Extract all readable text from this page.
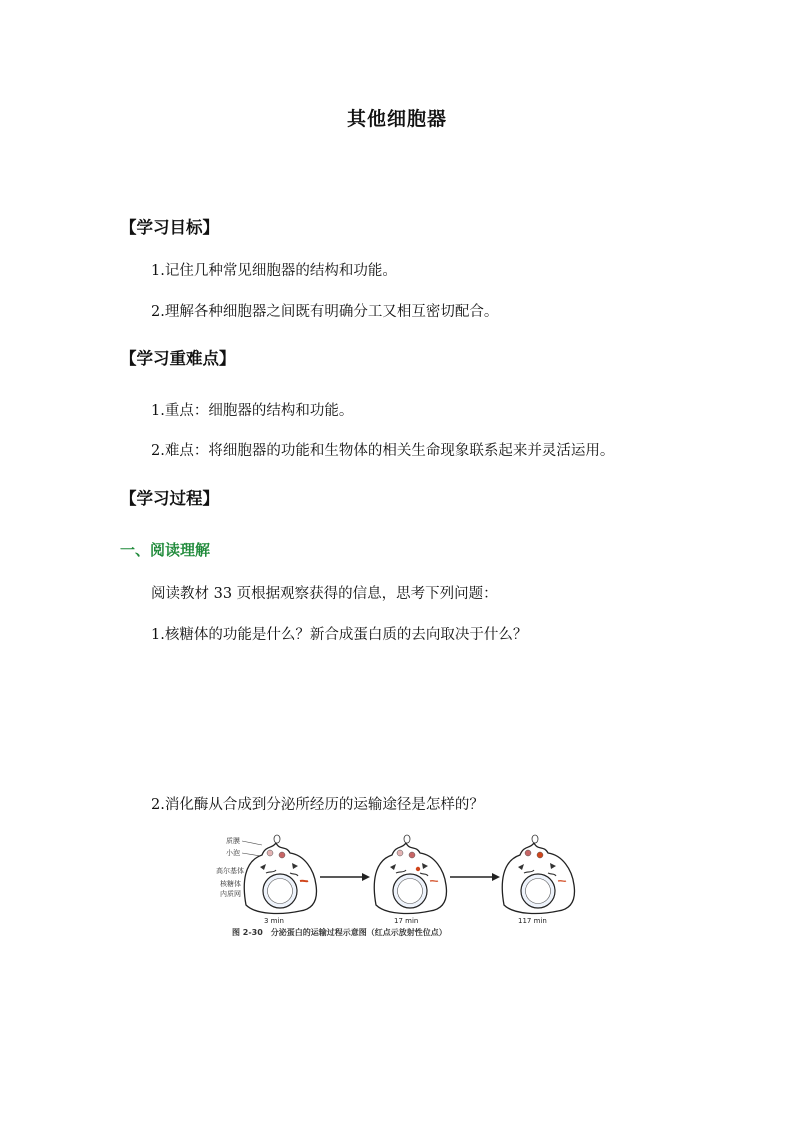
其他细胞器
【学习目标】
1.记住几种常见细胞器的结构和功能。
2.理解各种细胞器之间既有明确分工又相互密切配合。
【学习重难点】
1.重点：细胞器的结构和功能。
2.难点：将细胞器的功能和生物体的相关生命现象联系起来并灵活运用。
【学习过程】
一、阅读理解
阅读教材 33 页根据观察获得的信息，思考下列问题：
1.核糖体的功能是什么？新合成蛋白质的去向取决于什么？
2.消化酶从合成到分泌所经历的运输途径是怎样的？
质膜
小泡
高尔基体
核糖体
内质网
3 min	17 min	117 min
图 2-30　分泌蛋白的运输过程示意图（红点示放射性位点）
